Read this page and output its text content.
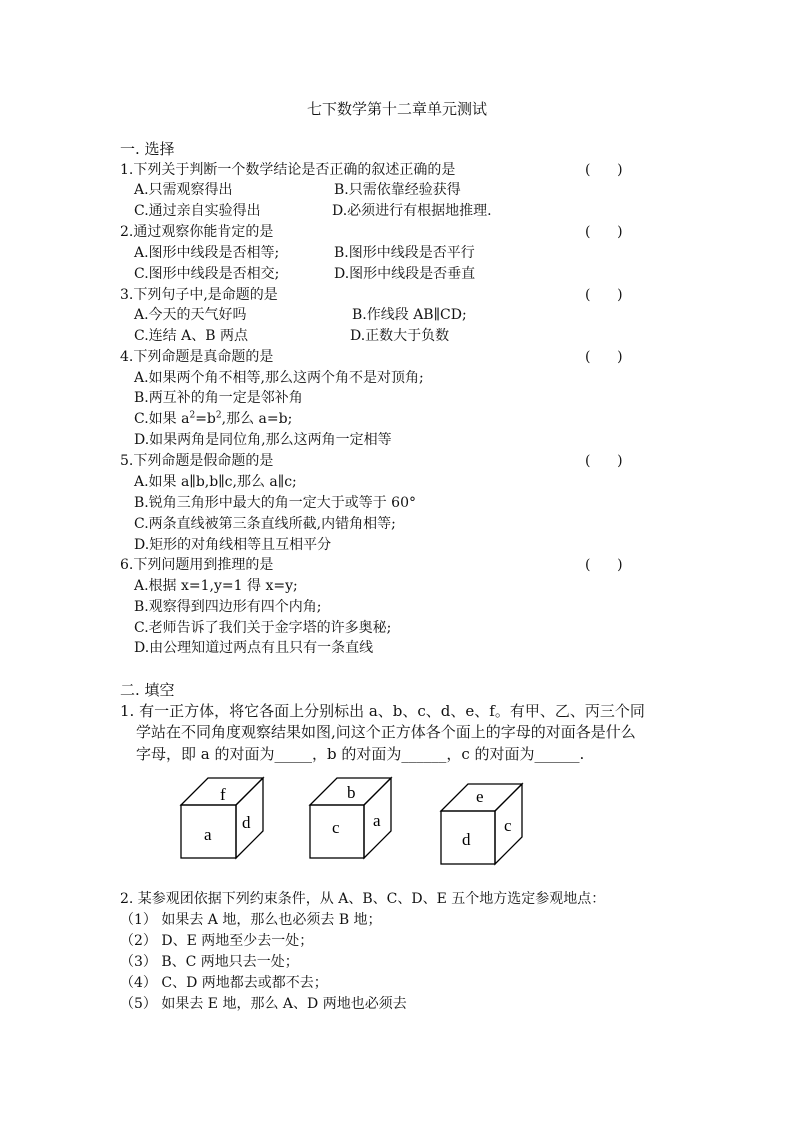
七下数学第十二章单元测试
一. 选择
1.下列关于判断一个数学结论是否正确的叙述正确的是	(      )
A.只需观察得出	B.只需依靠经验获得
C.通过亲自实验得出	D.必须进行有根据地推理.
2.通过观察你能肯定的是	(      )
A.图形中线段是否相等;	B.图形中线段是否平行
C.图形中线段是否相交;	D.图形中线段是否垂直
3.下列句子中,是命题的是	(      )
A.今天的天气好吗	B.作线段 AB∥CD;
C.连结 A、B 两点	D.正数大于负数
4.下列命题是真命题的是	(      )
A.如果两个角不相等,那么这两个角不是对顶角;
B.两互补的角一定是邻补角
C.如果 $a^2=b^2$,那么 a=b;
D.如果两角是同位角,那么这两角一定相等
5.下列命题是假命题的是	(      )
A.如果 a∥b,b∥c,那么 a∥c;
B.锐角三角形中最大的角一定大于或等于 60°
C.两条直线被第三条直线所截,内错角相等;
D.矩形的对角线相等且互相平分
6.下列问题用到推理的是	(      )
A.根据 x=1,y=1 得 x=y;
B.观察得到四边形有四个内角;
C.老师告诉了我们关于金字塔的许多奥秘;
D.由公理知道过两点有且只有一条直线
二. 填空
1. 有一正方体，将它各面上分别标出 a、b、c、d、e、f。有甲、乙、丙三个同
学站在不同角度观察结果如图,问这个正方体各个面上的字母的对面各是什么
字母，即 a 的对面为_____，b 的对面为______，c 的对面为______.
f
a
d
b
c a
e
d
c
2. 某参观团依据下列约束条件，从 A、B、C、D、E 五个地方选定参观地点：
（1） 如果去 A 地，那么也必须去 B 地；
（2） D、E 两地至少去一处；
（3） B、C 两地只去一处；
（4） C、D 两地都去或都不去；
（5） 如果去 E 地，那么 A、D 两地也必须去
